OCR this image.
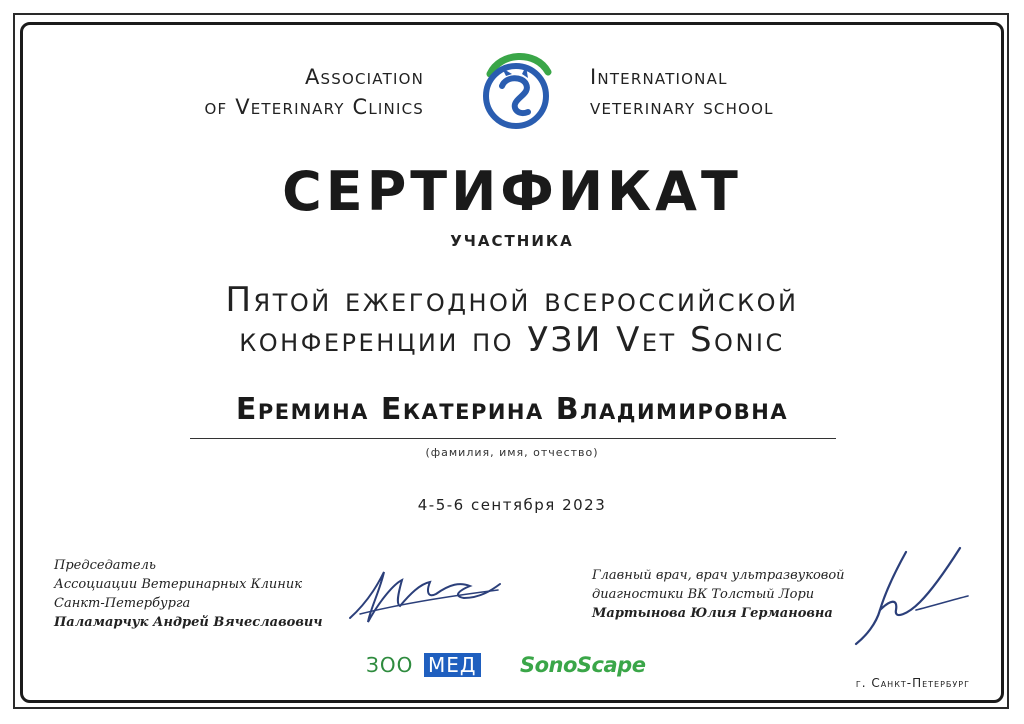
Association
of Veterinary Clinics
International
veterinary school
СЕРТИФИКАТ
УЧАСТНИКА
Пятой ежегодной всероссийской
конференции по УЗИ Vet Sonic
Еремина Екатерина Владимировна
(фамилия, имя, отчество)
4-5-6 сентября 2023
Председатель
Ассоциации Ветеринарных Клиник
Санкт-Петербурга
Паламарчук Андрей Вячеславович
Главный врач, врач ультразвуковой
диагностики ВК Толстый Лори
Мартынова Юлия Германовна
ЗОО МЕД SonoScape
г. Санкт-Петербург
